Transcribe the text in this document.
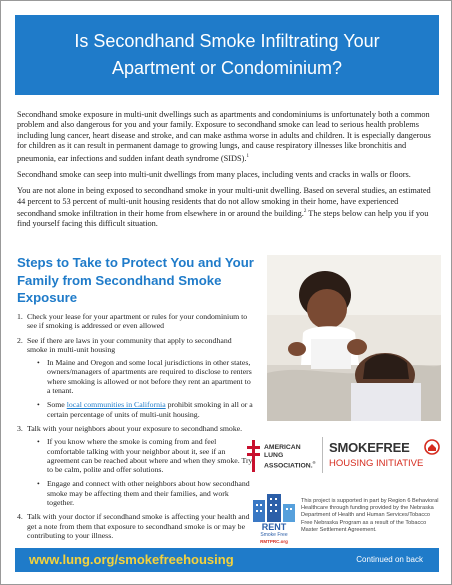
Is Secondhand Smoke Infiltrating Your
Apartment or Condominium?

Secondhand smoke exposure in multi-unit dwellings such as apartments and condominiums is unfortunately both a common problem and also dangerous for you and your family. Exposure to secondhand smoke can lead to serious health problems including lung cancer, heart disease and stroke, and can make asthma worse in adults and children. It is especially dangerous for children as it can result in permanent damage to growing lungs, and cause respiratory illnesses like bronchitis and pneumonia, ear infections and sudden infant death syndrome (SIDS).$^1$

Secondhand smoke can seep into multi-unit dwellings from many places, including vents and cracks in walls or floors.

You are not alone in being exposed to secondhand smoke in your multi-unit dwelling. Based on several studies, an estimated 44 percent to 53 percent of multi-unit housing residents that do not allow smoking in their home, have experienced secondhand smoke infiltration in their home from elsewhere in or around the building.$^2$ The steps below can help you if you find yourself facing this difficult situation.

Steps to Take to Protect You and Your Family from Secondhand Smoke Exposure
1. Check your lease for your apartment or rules for your condominium to see if smoking is addressed or even allowed
2. See if there are laws in your community that apply to secondhand smoke in multi-unit housing
• In Maine and Oregon and some local jurisdictions in other states, owners/managers of apartments are required to disclose to renters where smoking is allowed or not before they rent an apartment to a tenant.
• Some local communities in California prohibit smoking in all or a certain percentage of units of multi-unit housing.
3. Talk with your neighbors about your exposure to secondhand smoke.
• If you know where the smoke is coming from and feel comfortable talking with your neighbor about it, see if an agreement can be reached about where and when they smoke. Try to be calm, polite and offer solutions.
• Engage and connect with other neighbors about how secondhand smoke may be affecting them and their families, and work together.
4. Talk with your doctor if secondhand smoke is affecting your health and get a note from them that exposure to secondhand smoke is or may be contributing to your illness.
AMERICAN
LUNG
ASSOCIATION.®
SMOKEFREE
HOUSING INITIATIVE
RENT
Smoke Free
RMTPRC.org
This project is supported in part by Region 6 Behavioral Healthcare through funding provided by the Nebraska Department of Health and Human Services/Tobacco Free Nebraska Program as a result of the Tobacco Master Settlement Agreement.
www.lung.org/smokefreehousing	Continued on back
